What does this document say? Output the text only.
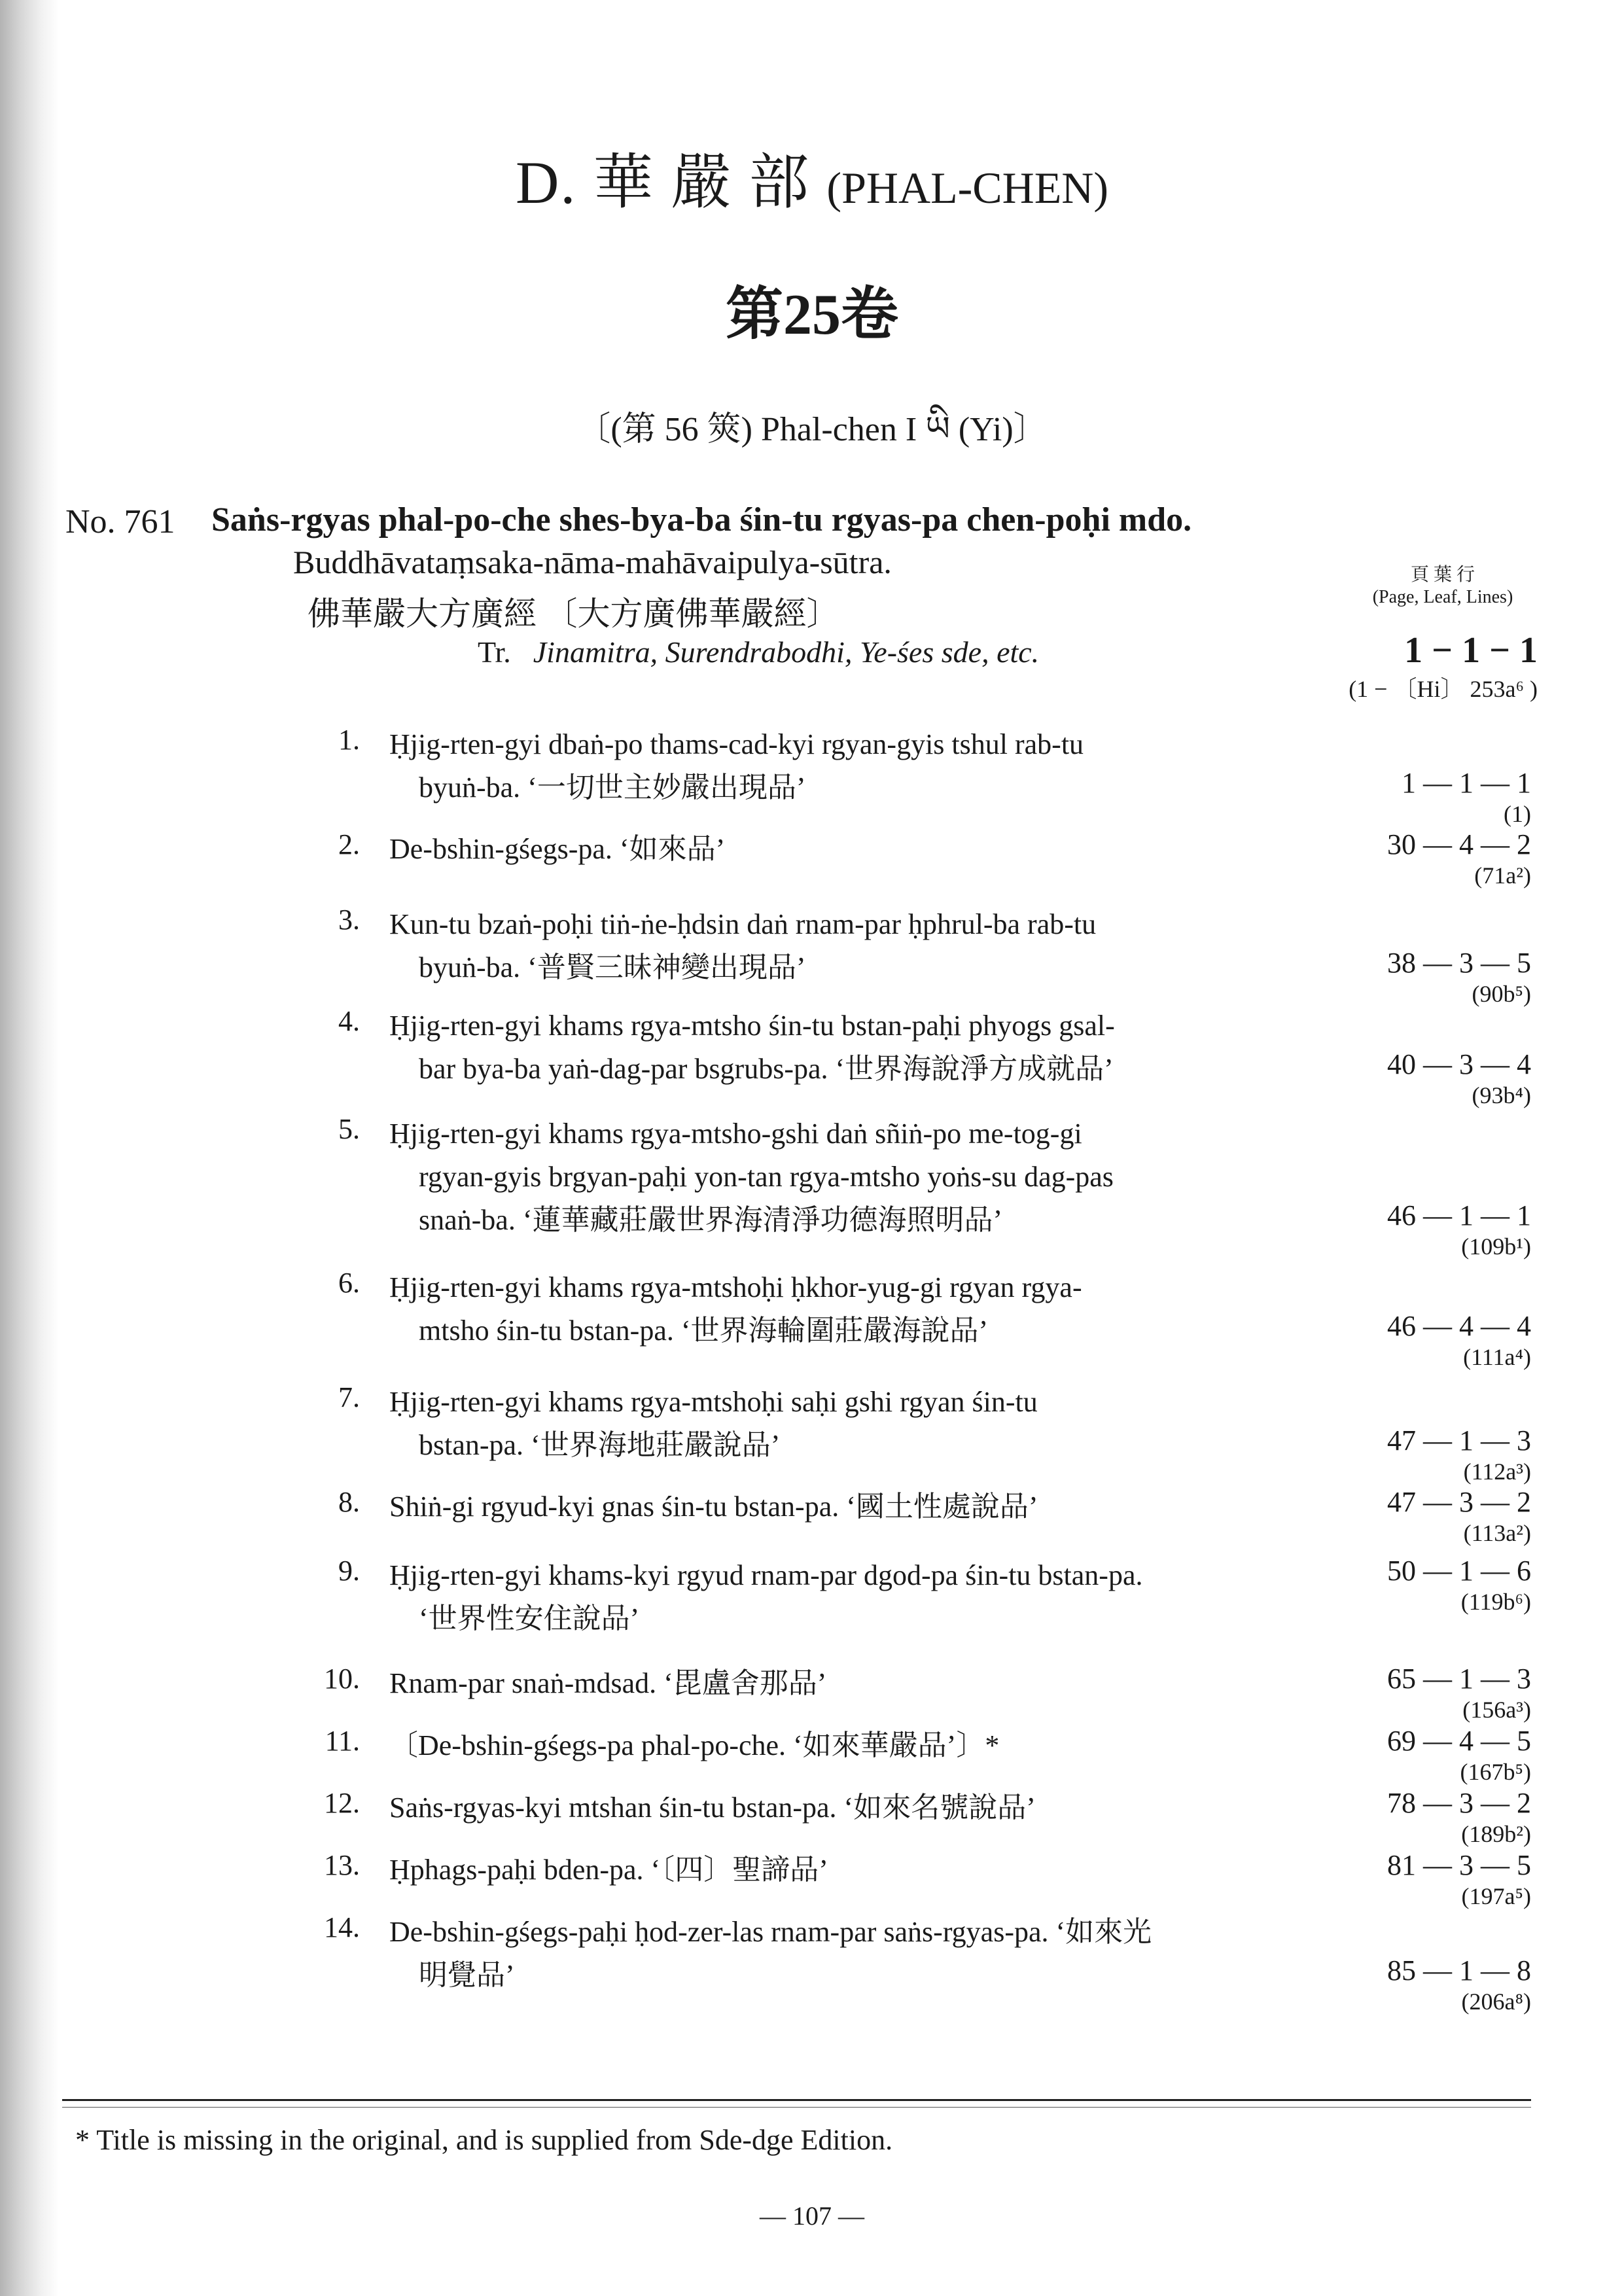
D. 華 嚴 部 (PHAL-CHEN)
第25卷
〔(第 56 筴) Phal-chen I ཡི (Yi)〕
No. 761 Saṅs-rgyas phal-po-che shes-bya-ba śin-tu rgyas-pa chen-poḥi mdo.
Buddhāvataṃsaka-nāma-mahāvaipulya-sūtra.
佛華嚴大方廣經 〔大方廣佛華嚴經〕
Tr. Jinamitra, Surendrabodhi, Ye-śes sde, etc.
頁 葉 行
(Page, Leaf, Lines)
1 − 1 − 1
(1 − 〔Hi〕 253a⁶ )
1. Ḥjig-rten-gyi dbaṅ-po thams-cad-kyi rgyan-gyis tshul rab-tu
byuṅ-ba. ‘一切世主妙嚴出現品’	1 — 1 — 1
(1)
2. De-bshin-gśegs-pa. ‘如來品’	30 — 4 — 2
(71a²)
3. Kun-tu bzaṅ-poḥi tiṅ-ṅe-ḥdsin daṅ rnam-par ḥphrul-ba rab-tu
byuṅ-ba. ‘普賢三昧神變出現品’	38 — 3 — 5
(90b⁵)
4. Ḥjig-rten-gyi khams rgya-mtsho śin-tu bstan-paḥi phyogs gsal-
bar bya-ba yaṅ-dag-par bsgrubs-pa. ‘世界海說淨方成就品’	40 — 3 — 4
(93b⁴)
5. Ḥjig-rten-gyi khams rgya-mtsho-gshi daṅ sñiṅ-po me-tog-gi
rgyan-gyis brgyan-paḥi yon-tan rgya-mtsho yoṅs-su dag-pas
snaṅ-ba. ‘蓮華藏莊嚴世界海清淨功德海照明品’	46 — 1 — 1
(109b¹)
6. Ḥjig-rten-gyi khams rgya-mtshoḥi ḥkhor-yug-gi rgyan rgya-
mtsho śin-tu bstan-pa. ‘世界海輪圍莊嚴海說品’	46 — 4 — 4
(111a⁴)
7. Ḥjig-rten-gyi khams rgya-mtshoḥi saḥi gshi rgyan śin-tu
bstan-pa. ‘世界海地莊嚴說品’	47 — 1 — 3
(112a³)
8. Shiṅ-gi rgyud-kyi gnas śin-tu bstan-pa. ‘國土性處說品’	47 — 3 — 2
(113a²)
9. Ḥjig-rten-gyi khams-kyi rgyud rnam-par dgod-pa śin-tu bstan-pa.
‘世界性安住說品’
50 — 1 — 6
(119b⁶)
10. Rnam-par snaṅ-mdsad. ‘毘盧舍那品’	65 — 1 — 3
(156a³)
11. 〔De-bshin-gśegs-pa phal-po-che. ‘如來華嚴品’〕*	69 — 4 — 5
(167b⁵)
12. Saṅs-rgyas-kyi mtshan śin-tu bstan-pa. ‘如來名號說品’	78 — 3 — 2
(189b²)
13. Ḥphags-paḥi bden-pa. ‘〔四〕聖諦品’	81 — 3 — 5
(197a⁵)
14. De-bshin-gśegs-paḥi ḥod-zer-las rnam-par saṅs-rgyas-pa. ‘如來光
明覺品’	85 — 1 — 8
(206a⁸)
* Title is missing in the original, and is supplied from Sde-dge Edition.
— 107 —
